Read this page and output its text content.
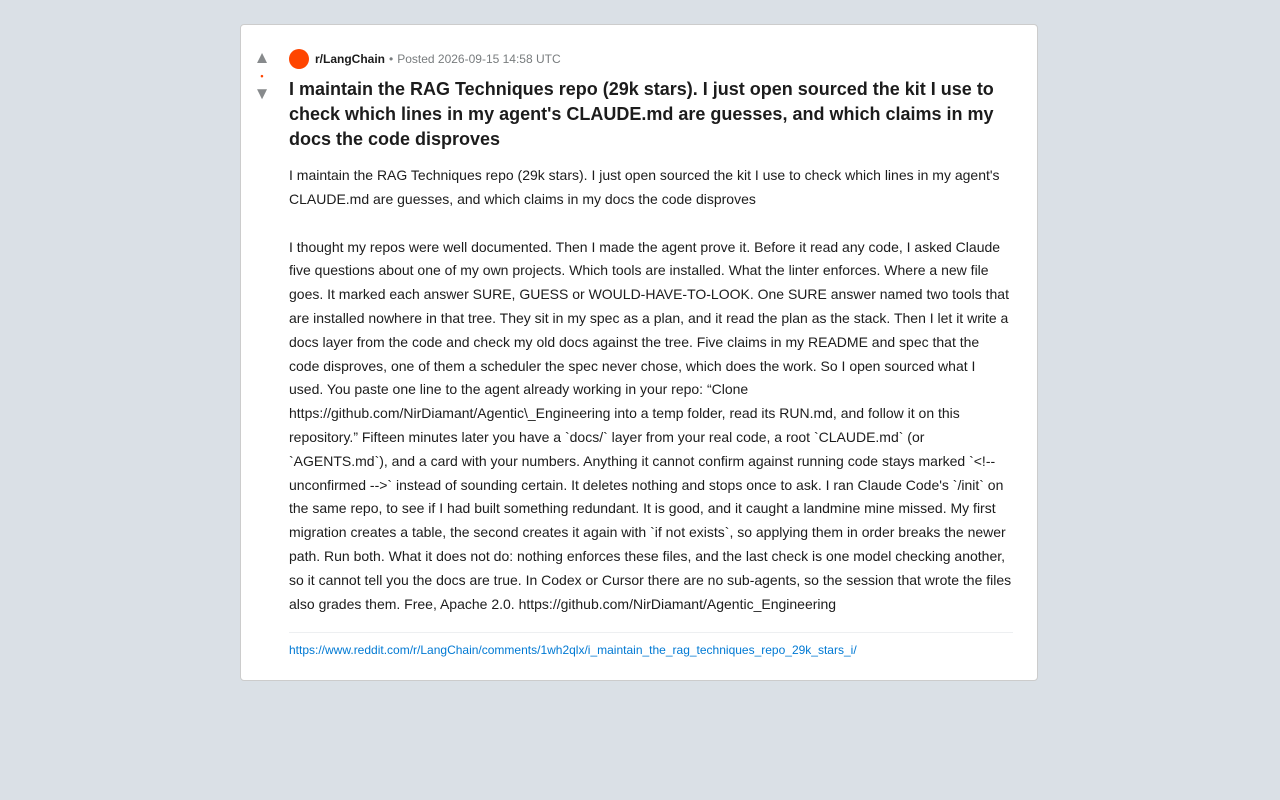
▲
•
▼
r/LangChain • Posted 2026-09-15 14:58 UTC
I maintain the RAG Techniques repo (29k stars). I just open sourced the kit I use to check which lines in my agent's CLAUDE.md are guesses, and which claims in my docs the code disproves

I maintain the RAG Techniques repo (29k stars). I just open sourced the kit I use to check which lines in my agent's CLAUDE.md are guesses, and which claims in my docs the code disproves

I thought my repos were well documented. Then I made the agent prove it. Before it read any code, I asked Claude five questions about one of my own projects. Which tools are installed. What the linter enforces. Where a new file goes. It marked each answer SURE, GUESS or WOULD-HAVE-TO-LOOK. One SURE answer named two tools that are installed nowhere in that tree. They sit in my spec as a plan, and it read the plan as the stack. Then I let it write a docs layer from the code and check my old docs against the tree. Five claims in my README and spec that the code disproves, one of them a scheduler the spec never chose, which does the work. So I open sourced what I used. You paste one line to the agent already working in your repo: “Clone https://github.com/NirDiamant/Agentic\_Engineering into a temp folder, read its RUN.md, and follow it on this repository.” Fifteen minutes later you have a `docs/` layer from your real code, a root `CLAUDE.md` (or `AGENTS.md`), and a card with your numbers. Anything it cannot confirm against running code stays marked `<!-- unconfirmed -->` instead of sounding certain. It deletes nothing and stops once to ask. I ran Claude Code's `/init` on the same repo, to see if I had built something redundant. It is good, and it caught a landmine mine missed. My first migration creates a table, the second creates it again with `if not exists`, so applying them in order breaks the newer path. Run both. What it does not do: nothing enforces these files, and the last check is one model checking another, so it cannot tell you the docs are true. In Codex or Cursor there are no sub-agents, so the session that wrote the files also grades them. Free, Apache 2.0. https://github.com/NirDiamant/Agentic_Engineering

https://www.reddit.com/r/LangChain/comments/1wh2qlx/i_maintain_the_rag_techniques_repo_29k_stars_i/
